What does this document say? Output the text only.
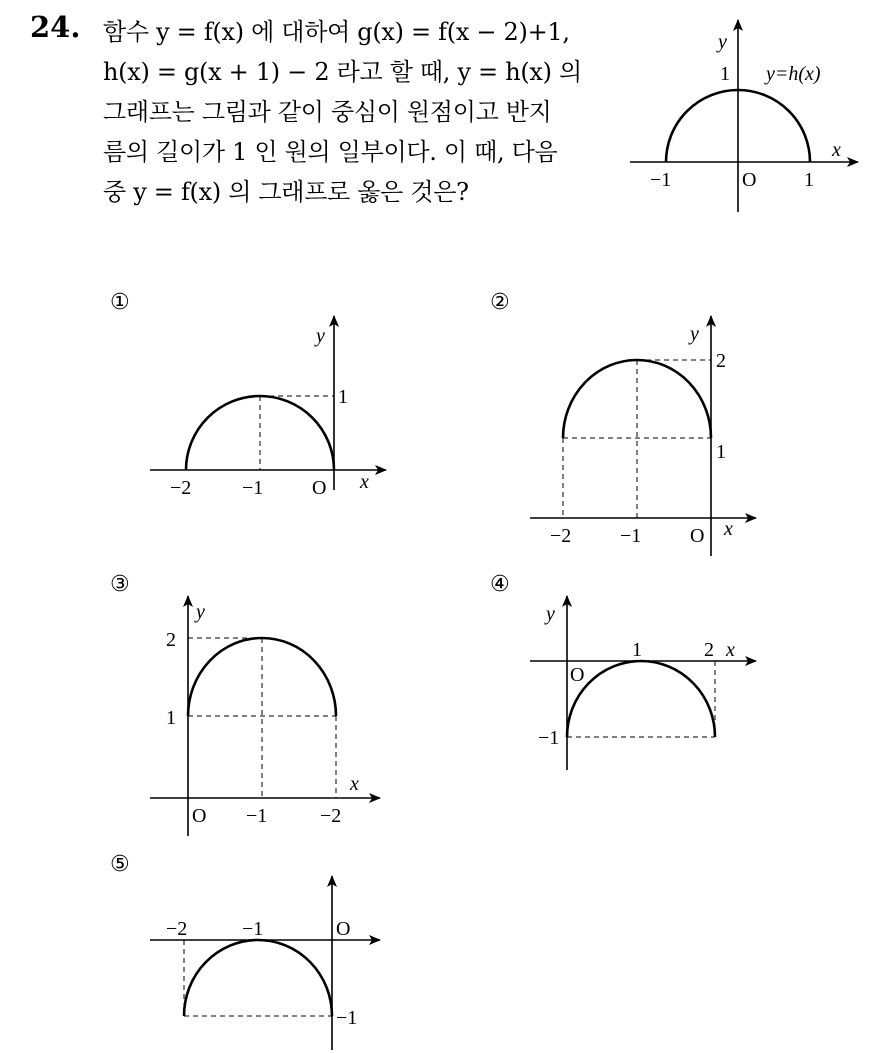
24. 함수 y = f(x) 에 대하여 g(x) = f(x − 2)+1,
h(x) = g(x + 1) − 2 라고 할 때, y = h(x) 의
그래프는 그림과 같이 중심이 원점이고 반지
름의 길이가 1 인 원의 일부이다. 이 때, 다음
중 y = f(x) 의 그래프로 옳은 것은?
①	②
③	④
⑤
y
1 y=h(x)
x
−1	O 1
y
1
−2	−1 O x
y
2
1
−2 −1 O x
y
2
1
x
O −1	−2
y
1	2 x
O
−1
−2	−1	O
−1
